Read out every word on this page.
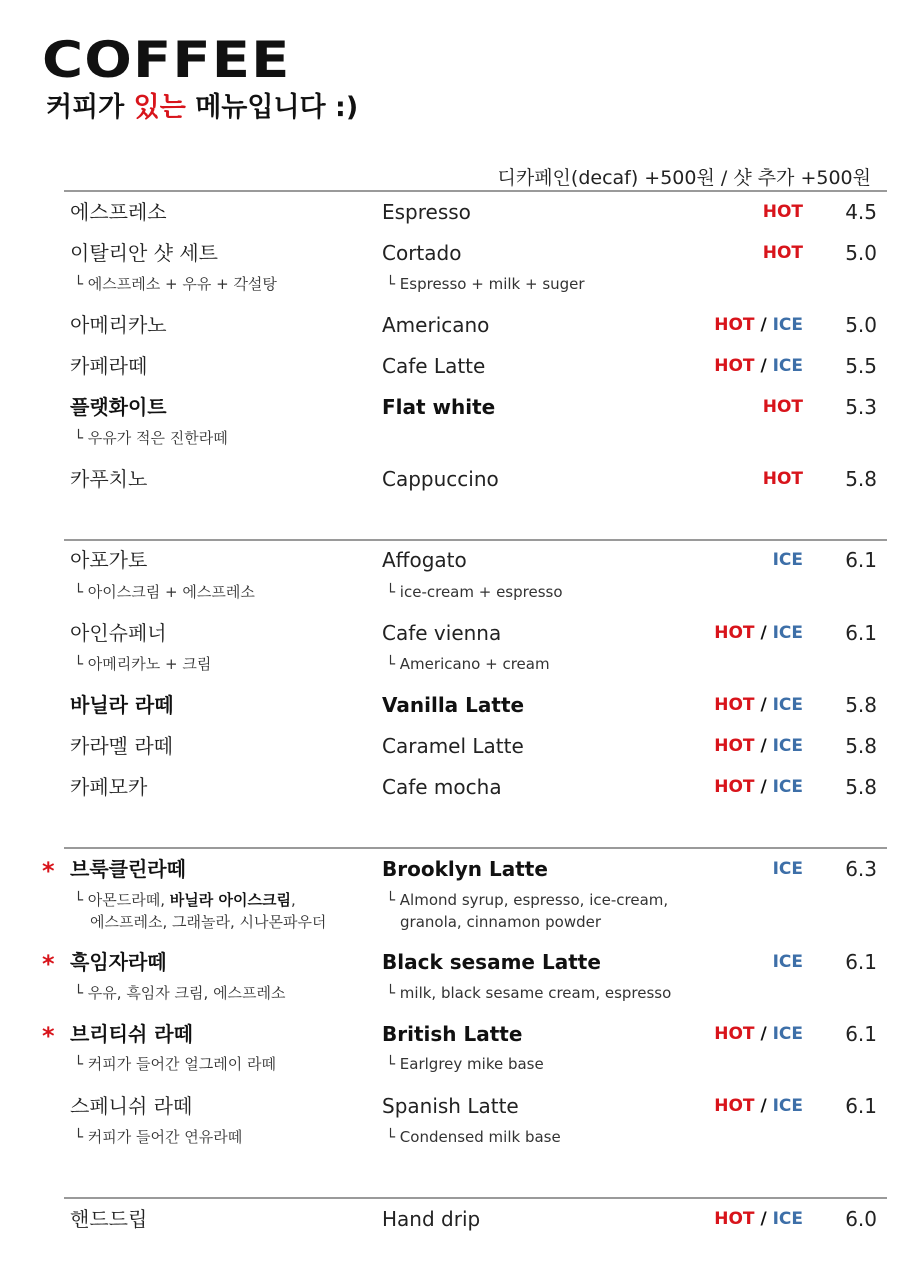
COFFEE
커피가 있는 메뉴입니다 :)
디카페인(decaf) +500원 / 샷 추가 +500원
에스프레소	Espresso	HOT 4.5
이탈리안 샷 세트	Cortado	HOT 5.0
└ 에스프레소 + 우유 + 각설탕	└ Espresso + milk + suger
아메리카노	Americano	HOT / ICE 5.0
카페라떼	Cafe Latte	HOT / ICE 5.5
플랫화이트	Flat white	HOT 5.3
└ 우유가 적은 진한라떼
카푸치노	Cappuccino	HOT 5.8
아포가토	Affogato	ICE 6.1
└ 아이스크림 + 에스프레소	└ ice-cream + espresso
아인슈페너	Cafe vienna	HOT / ICE 6.1
└ 아메리카노 + 크림	└ Americano + cream
바닐라 라떼	Vanilla Latte	HOT / ICE 5.8
카라멜 라떼	Caramel Latte	HOT / ICE 5.8
카페모카	Cafe mocha	HOT / ICE 5.8
* 브룩클린라떼	Brooklyn Latte	ICE 6.3
└ 아몬드라떼, 바닐라 아이스크림,
에스프레소, 그래놀라, 시나몬파우더
└ Almond syrup, espresso, ice-cream,
granola, cinnamon powder
* 흑임자라떼	Black sesame Latte	ICE 6.1
└ 우유, 흑임자 크림, 에스프레소	└ milk, black sesame cream, espresso
* 브리티쉬 라떼	British Latte	HOT / ICE 6.1
└ 커피가 들어간 얼그레이 라떼	└ Earlgrey mike base
스페니쉬 라떼	Spanish Latte	HOT / ICE 6.1
└ 커피가 들어간 연유라떼	└ Condensed milk base
핸드드립	Hand drip	HOT / ICE 6.0
